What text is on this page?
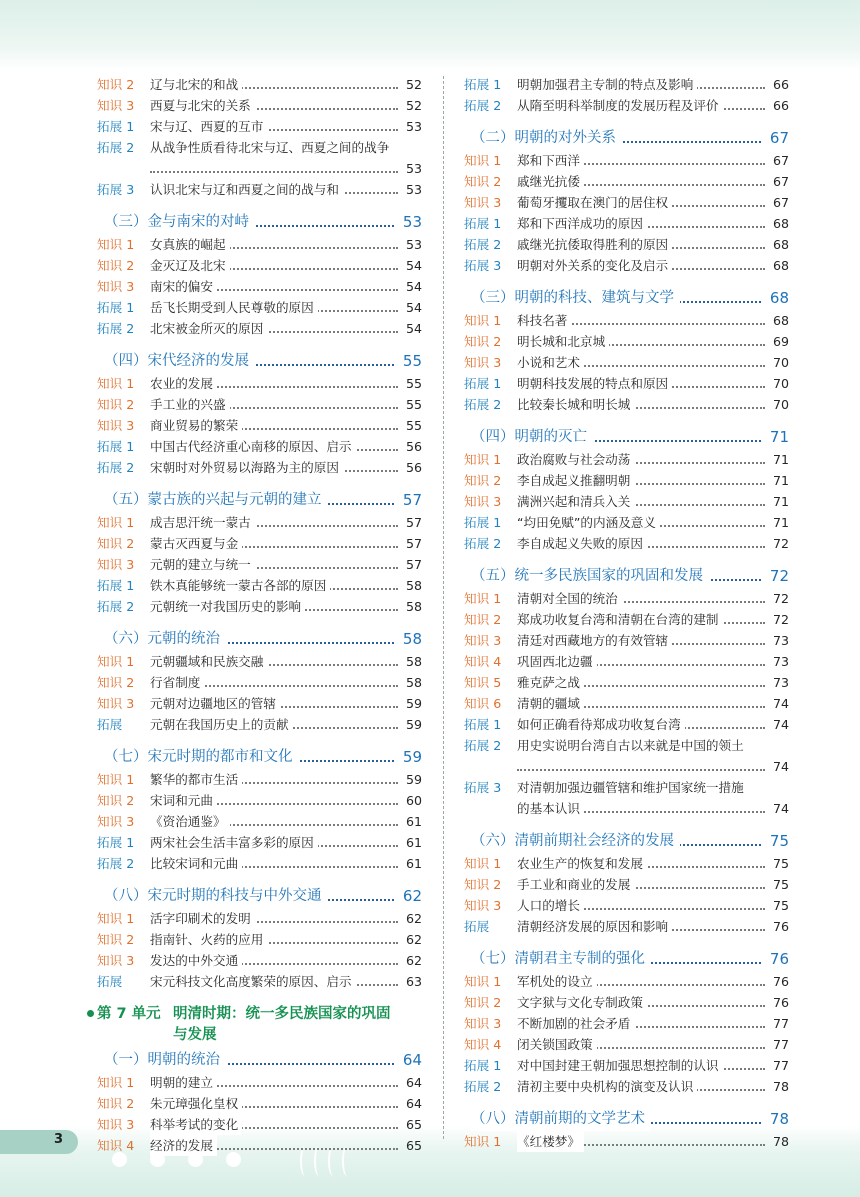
3
知识 2 辽与北宋的和战	52
知识 3 西夏与北宋的关系	52
拓展 1 宋与辽、西夏的互市	53
拓展 2 从战争性质看待北宋与辽、西夏之间的战争
53
拓展 3 认识北宋与辽和西夏之间的战与和	53
（三）金与南宋的对峙	53
知识 1 女真族的崛起	53
知识 2 金灭辽及北宋	54
知识 3 南宋的偏安	54
拓展 1 岳飞长期受到人民尊敬的原因	54
拓展 2 北宋被金所灭的原因	54
（四）宋代经济的发展	55
知识 1 农业的发展	55
知识 2 手工业的兴盛	55
知识 3 商业贸易的繁荣	55
拓展 1 中国古代经济重心南移的原因、启示	56
拓展 2 宋朝时对外贸易以海路为主的原因	56
（五）蒙古族的兴起与元朝的建立	57
知识 1 成吉思汗统一蒙古	57
知识 2 蒙古灭西夏与金	57
知识 3 元朝的建立与统一	57
拓展 1 铁木真能够统一蒙古各部的原因	58
拓展 2 元朝统一对我国历史的影响	58
（六）元朝的统治	58
知识 1 元朝疆域和民族交融	58
知识 2 行省制度	58
知识 3 元朝对边疆地区的管辖	59
拓展 元朝在我国历史上的贡献	59
（七）宋元时期的都市和文化	59
知识 1 繁华的都市生活	59
知识 2 宋词和元曲	60
知识 3 《资治通鉴》	61
拓展 1 两宋社会生活丰富多彩的原因	61
拓展 2 比较宋词和元曲	61
（八）宋元时期的科技与中外交通	62
知识 1 活字印刷术的发明	62
知识 2 指南针、火药的应用	62
知识 3 发达的中外交通	62
拓展 宋元科技文化高度繁荣的原因、启示	63
第 7 单元 明清时期：统一多民族国家的巩固
与发展
（一）明朝的统治	64
知识 1 明朝的建立	64
知识 2 朱元璋强化皇权	64
知识 3 科举考试的变化	65
知识 4 经济的发展	65
拓展 1 明朝加强君主专制的特点及影响	66
拓展 2 从隋至明科举制度的发展历程及评价	66
（二）明朝的对外关系	67
知识 1 郑和下西洋	67
知识 2 戚继光抗倭	67
知识 3 葡萄牙攫取在澳门的居住权	67
拓展 1 郑和下西洋成功的原因	68
拓展 2 戚继光抗倭取得胜利的原因	68
拓展 3 明朝对外关系的变化及启示	68
（三）明朝的科技、建筑与文学	68
知识 1 科技名著	68
知识 2 明长城和北京城	69
知识 3 小说和艺术	70
拓展 1 明朝科技发展的特点和原因	70
拓展 2 比较秦长城和明长城	70
（四）明朝的灭亡	71
知识 1 政治腐败与社会动荡	71
知识 2 李自成起义推翻明朝	71
知识 3 满洲兴起和清兵入关	71
拓展 1 “均田免赋”的内涵及意义	71
拓展 2 李自成起义失败的原因	72
（五）统一多民族国家的巩固和发展	72
知识 1 清朝对全国的统治	72
知识 2 郑成功收复台湾和清朝在台湾的建制	72
知识 3 清廷对西藏地方的有效管辖	73
知识 4 巩固西北边疆	73
知识 5 雅克萨之战	73
知识 6 清朝的疆域	74
拓展 1 如何正确看待郑成功收复台湾	74
拓展 2 用史实说明台湾自古以来就是中国的领土
74
拓展 3 对清朝加强边疆管辖和维护国家统一措施
的基本认识	74
（六）清朝前期社会经济的发展	75
知识 1 农业生产的恢复和发展	75
知识 2 手工业和商业的发展	75
知识 3 人口的增长	75
拓展 清朝经济发展的原因和影响	76
（七）清朝君主专制的强化	76
知识 1 军机处的设立	76
知识 2 文字狱与文化专制政策	76
知识 3 不断加剧的社会矛盾	77
知识 4 闭关锁国政策	77
拓展 1 对中国封建王朝加强思想控制的认识	77
拓展 2 清初主要中央机构的演变及认识	78
（八）清朝前期的文学艺术	78
知识 1 《红楼梦》	78
